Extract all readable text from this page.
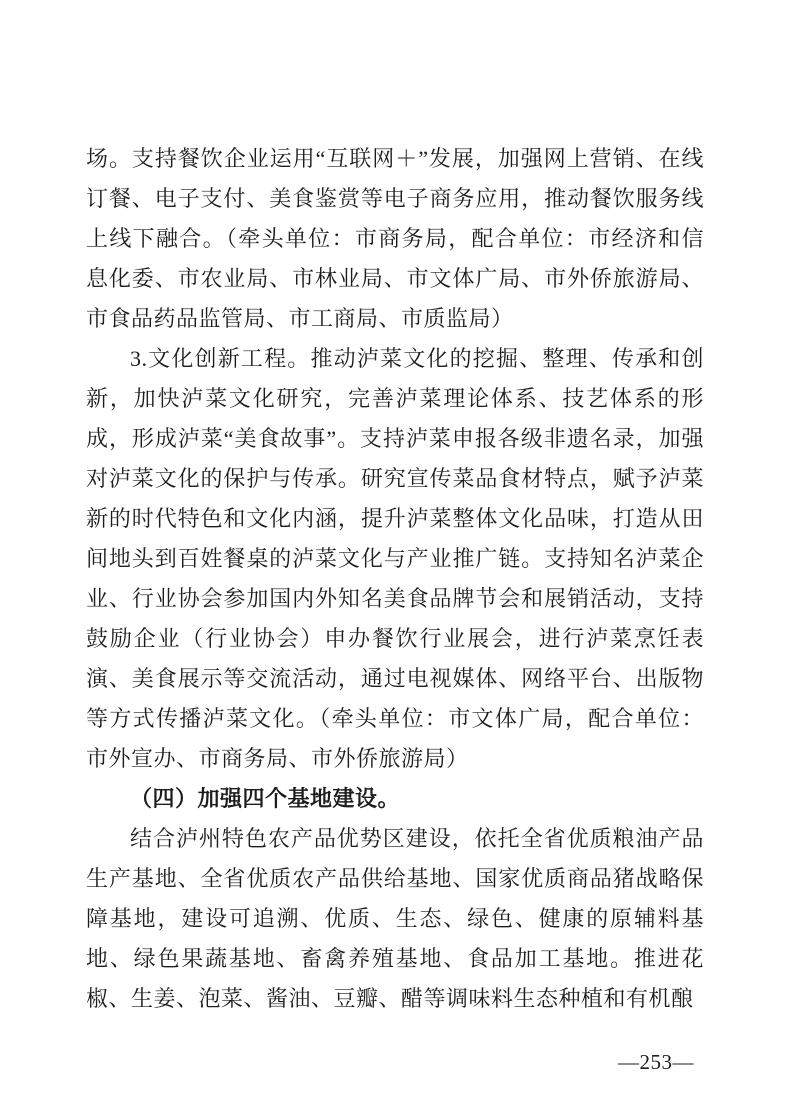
场。支持餐饮企业运用“互联网＋”发展，加强网上营销、在线订餐、电子支付、美食鉴赏等电子商务应用，推动餐饮服务线上线下融合。（牵头单位：市商务局，配合单位：市经济和信息化委、市农业局、市林业局、市文体广局、市外侨旅游局、市食品药品监管局、市工商局、市质监局）

3.文化创新工程。推动泸菜文化的挖掘、整理、传承和创新，加快泸菜文化研究，完善泸菜理论体系、技艺体系的形成，形成泸菜“美食故事”。支持泸菜申报各级非遗名录，加强对泸菜文化的保护与传承。研究宣传菜品食材特点，赋予泸菜新的时代特色和文化内涵，提升泸菜整体文化品味，打造从田间地头到百姓餐桌的泸菜文化与产业推广链。支持知名泸菜企业、行业协会参加国内外知名美食品牌节会和展销活动，支持鼓励企业（行业协会）申办餐饮行业展会，进行泸菜烹饪表演、美食展示等交流活动，通过电视媒体、网络平台、出版物等方式传播泸菜文化。（牵头单位：市文体广局，配合单位：市外宣办、市商务局、市外侨旅游局）

（四）加强四个基地建设。

结合泸州特色农产品优势区建设，依托全省优质粮油产品生产基地、全省优质农产品供给基地、国家优质商品猪战略保障基地，建设可追溯、优质、生态、绿色、健康的原辅料基地、绿色果蔬基地、畜禽养殖基地、食品加工基地。推进花椒、生姜、泡菜、酱油、豆瓣、醋等调味料生态种植和有机酿

—253—
